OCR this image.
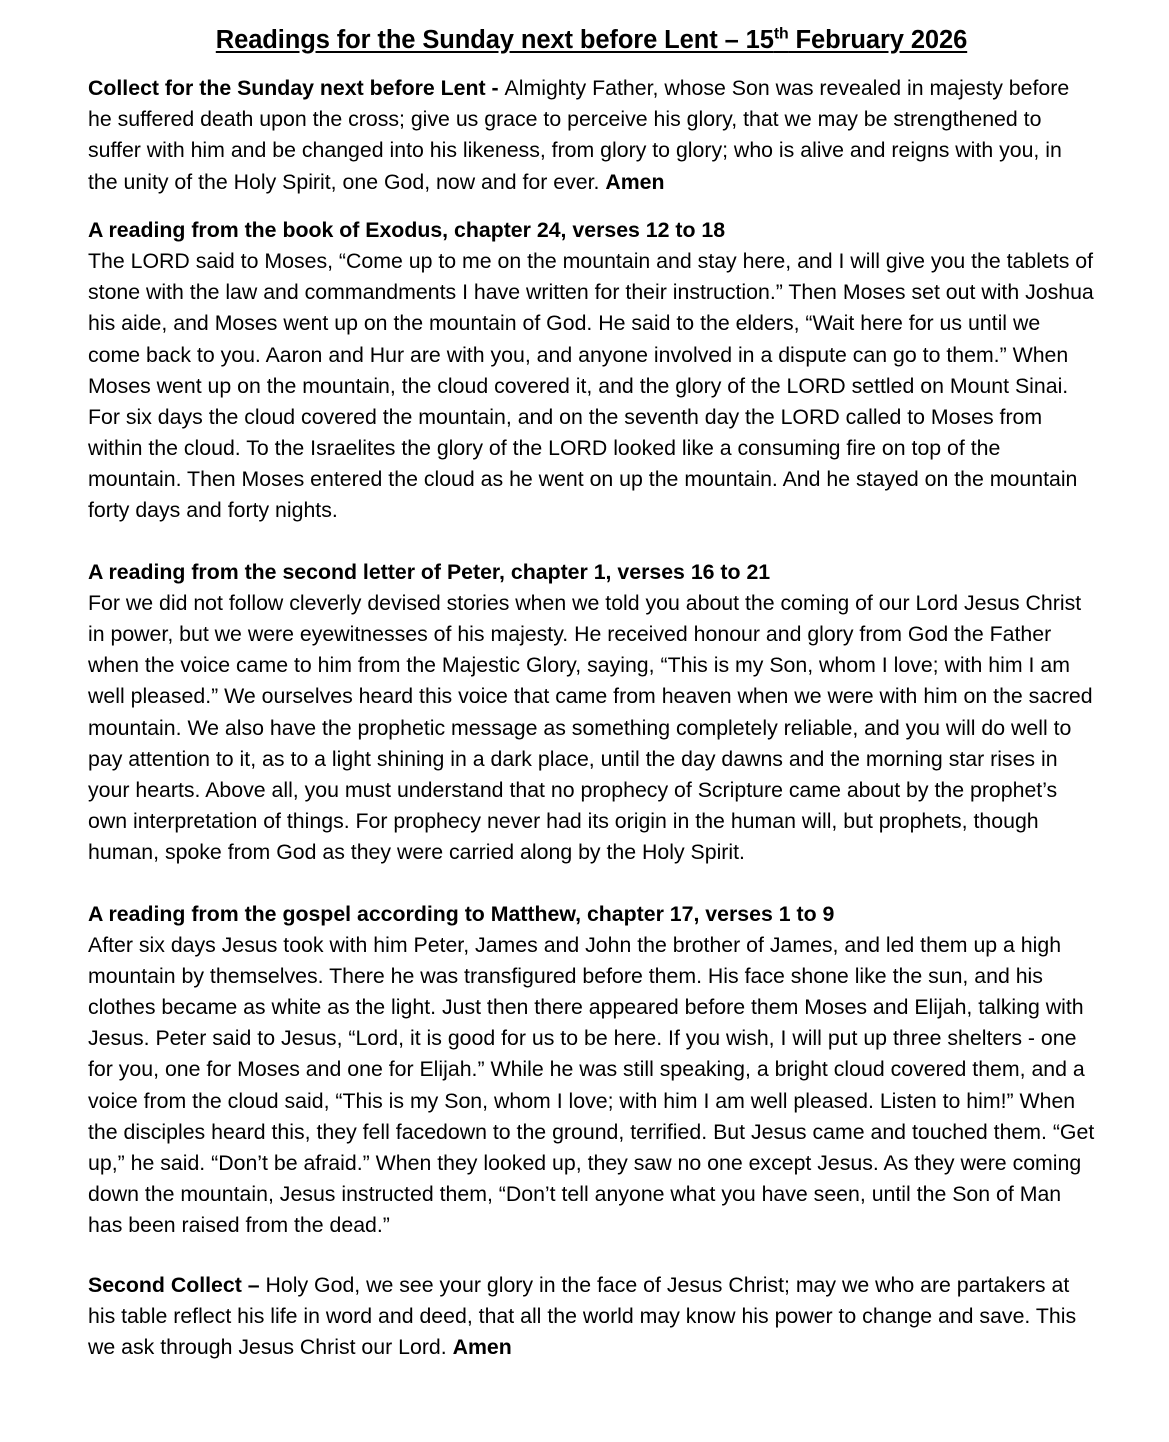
Readings for the Sunday next before Lent – 15th February 2026

Collect for the Sunday next before Lent - Almighty Father, whose Son was revealed in majesty before he suffered death upon the cross; give us grace to perceive his glory, that we may be strengthened to suffer with him and be changed into his likeness, from glory to glory; who is alive and reigns with you, in the unity of the Holy Spirit, one God, now and for ever. Amen

A reading from the book of Exodus, chapter 24, verses 12 to 18

The LORD said to Moses, “Come up to me on the mountain and stay here, and I will give you the tablets of stone with the law and commandments I have written for their instruction.” Then Moses set out with Joshua his aide, and Moses went up on the mountain of God. He said to the elders, “Wait here for us until we come back to you. Aaron and Hur are with you, and anyone involved in a dispute can go to them.” When Moses went up on the mountain, the cloud covered it, and the glory of the LORD settled on Mount Sinai. For six days the cloud covered the mountain, and on the seventh day the LORD called to Moses from within the cloud. To the Israelites the glory of the LORD looked like a consuming fire on top of the mountain. Then Moses entered the cloud as he went on up the mountain. And he stayed on the mountain forty days and forty nights.

A reading from the second letter of Peter, chapter 1, verses 16 to 21

For we did not follow cleverly devised stories when we told you about the coming of our Lord Jesus Christ in power, but we were eyewitnesses of his majesty. He received honour and glory from God the Father when the voice came to him from the Majestic Glory, saying, “This is my Son, whom I love; with him I am well pleased.” We ourselves heard this voice that came from heaven when we were with him on the sacred mountain. We also have the prophetic message as something completely reliable, and you will do well to pay attention to it, as to a light shining in a dark place, until the day dawns and the morning star rises in your hearts. Above all, you must understand that no prophecy of Scripture came about by the prophet’s own interpretation of things. For prophecy never had its origin in the human will, but prophets, though human, spoke from God as they were carried along by the Holy Spirit.

A reading from the gospel according to Matthew, chapter 17, verses 1 to 9

After six days Jesus took with him Peter, James and John the brother of James, and led them up a high mountain by themselves. There he was transfigured before them. His face shone like the sun, and his clothes became as white as the light. Just then there appeared before them Moses and Elijah, talking with Jesus. Peter said to Jesus, “Lord, it is good for us to be here. If you wish, I will put up three shelters - one for you, one for Moses and one for Elijah.” While he was still speaking, a bright cloud covered them, and a voice from the cloud said, “This is my Son, whom I love; with him I am well pleased. Listen to him!” When the disciples heard this, they fell facedown to the ground, terrified. But Jesus came and touched them. “Get up,” he said. “Don’t be afraid.” When they looked up, they saw no one except Jesus. As they were coming down the mountain, Jesus instructed them, “Don’t tell anyone what you have seen, until the Son of Man has been raised from the dead.”

Second Collect – Holy God, we see your glory in the face of Jesus Christ; may we who are partakers at his table reflect his life in word and deed, that all the world may know his power to change and save. This we ask through Jesus Christ our Lord. Amen
